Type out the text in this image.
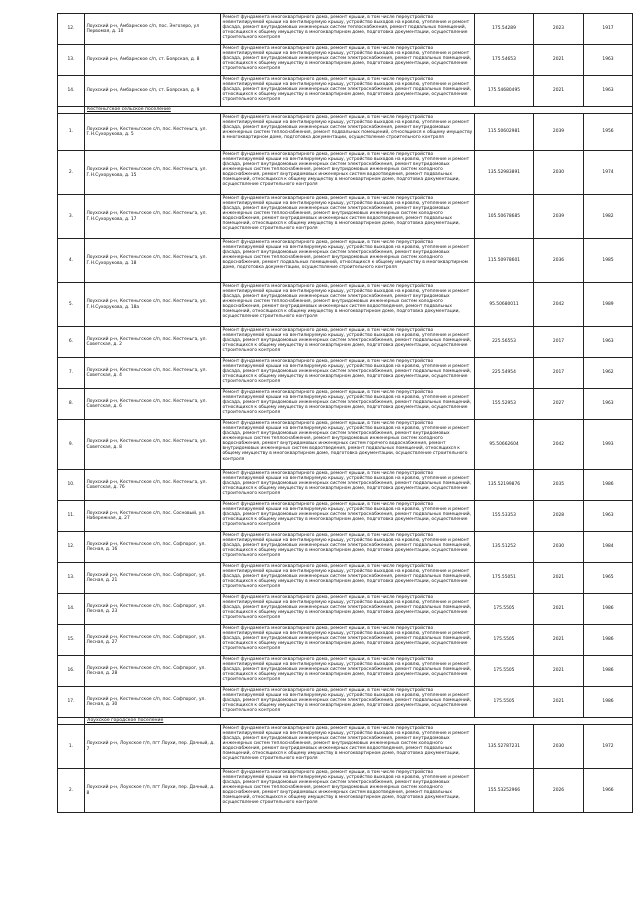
12.	Лоухский р-н, Амбарнское с/п, пос. Энгозеро, ул Первомая, д. 10	Ремонт фундамента многоквартирного дома, ремонт крыши, в том числе переустройство невентилируемой крыши на вентилируемую крышу, устройство выходов на кровлю, утепление и ремонт фасада, ремонт внутридомовых инженерных систем теплоснабжения, ремонт подвальных помещений, относящихся к общему имуществу в многоквартирном доме, подготовка документации, осуществление строительного контроля	175.54289	2023	1917
13.	Лоухский р-н, Амбарнское с/п, ст. Боярская, д. 8	Ремонт фундамента многоквартирного дома, ремонт крыши, в том числе переустройство невентилируемой крыши на вентилируемую крышу, устройство выходов на кровлю, утепление и ремонт фасада, ремонт внутридомовых инженерных систем электроснабжения, ремонт подвальных помещений, относящихся к общему имуществу в многоквартирном доме, подготовка документации, осуществление строительного контроля	175.54653	2021	1963
14.	Лоухский р-н, Амбарнское с/п, ст. Боярская, д. 9	Ремонт фундамента многоквартирного дома, ремонт крыши, в том числе переустройство невентилируемой крыши на вентилируемую крышу, устройство выходов на кровлю, утепление и ремонт фасада, ремонт внутридомовых инженерных систем электроснабжения, ремонт подвальных помещений, относящихся к общему имуществу в многоквартирном доме, подготовка документации, осуществление строительного контроля	175.54680495	2021	1963
	Кестеньгское сельское поселение				
1.	Лоухский р-н, Кестеньгское с/п, пос. Кестеньга, ул. Г.Н.Сухоруковa, д. 5	Ремонт фундамента многоквартирного дома, ремонт крыши, в том числе переустройство невентилируемой крыши на вентилируемую крышу, устройство выходов на кровлю, утепление и ремонт фасада, ремонт внутридомовых инженерных систем электроснабжения, ремонт внутридомовых инженерных систем теплоснабжения, ремонт подвальных помещений, относящихся к общему имуществу в многоквартирном доме, подготовка документации, осуществление строительного контроля	115.50602981	2039	1956
2.	Лоухский р-н, Кестеньгское с/п, пос. Кестеньга, ул. Г.Н.Сухоруковa, д. 15	Ремонт фундамента многоквартирного дома, ремонт крыши, в том числе переустройство невентилируемой крыши на вентилируемую крышу, устройство выходов на кровлю, утепление и ремонт фасада, ремонт внутридомовых инженерных систем электроснабжения, ремонт внутридомовых инженерных систем теплоснабжения, ремонт внутридомовых инженерных систем холодного водоснабжения, ремонт внутридомовых инженерных систем водоотведения, ремонт подвальных помещений, относящихся к общему имуществу в многоквартирном доме, подготовка документации, осуществление строительного контроля	135.52983891	2030	1974
3.	Лоухский р-н, Кестеньгское с/п, пос. Кестеньга, ул. Г.Н.Сухоруковa, д. 17	Ремонт фундамента многоквартирного дома, ремонт крыши, в том числе переустройство невентилируемой крыши на вентилируемую крышу, устройство выходов на кровлю, утепление и ремонт фасада, ремонт внутридомовых инженерных систем электроснабжения, ремонт внутридомовых инженерных систем теплоснабжения, ремонт внутридомовых инженерных систем холодного водоснабжения, ремонт внутридомовых инженерных систем водоотведения, ремонт подвальных помещений, относящихся к общему имуществу в многоквартирном доме, подготовка документации, осуществление строительного контроля	105.50678685	2039	1982
4.	Лоухский р-н, Кестеньгское с/п, пос. Кестеньга, ул. Г.Н.Сухоруковa, д. 18	Ремонт фундамента многоквартирного дома, ремонт крыши, в том числе переустройство невентилируемой крыши на вентилируемую крышу, устройство выходов на кровлю, утепление и ремонт фасада, ремонт внутридомовых инженерных систем электроснабжения, ремонт внутридомовых инженерных систем теплоснабжения, ремонт внутридомовых инженерных систем холодного водоснабжения, ремонт подвальных помещений, относящихся к общему имуществу в многоквартирном доме, подготовка документации, осуществление строительного контроля	115.50978601	2036	1985
5.	Лоухский р-н, Кестеньгское с/п, пос. Кестеньга, ул. Г.Н.Сухоруковa, д. 18а	Ремонт фундамента многоквартирного дома, ремонт крыши, в том числе переустройство невентилируемой крыши на вентилируемую крышу, устройство выходов на кровлю, утепление и ремонт фасада, ремонт внутридомовых инженерных систем электроснабжения, ремонт внутридомовых инженерных систем теплоснабжения, ремонт внутридомовых инженерных систем холодного водоснабжения, ремонт внутридомовых инженерных систем водоотведения, ремонт подвальных помещений, относящихся к общему имуществу в многоквартирном доме, подготовка документации, осуществление строительного контроля	95.50680011	2042	1989
6.	Лоухский р-н, Кестеньгское с/п, пос. Кестеньга, ул. Советская, д. 2	Ремонт фундамента многоквартирного дома, ремонт крыши, в том числе переустройство невентилируемой крыши на вентилируемую крышу, устройство выходов на кровлю, утепление и ремонт фасада, ремонт внутридомовых инженерных систем электроснабжения, ремонт подвальных помещений, относящихся к общему имуществу в многоквартирном доме, подготовка документации, осуществление строительного контроля	225.56553	2017	1963
7.	Лоухский р-н, Кестеньгское с/п, пос. Кестеньга, ул. Советская, д. 4	Ремонт фундамента многоквартирного дома, ремонт крыши, в том числе переустройство невентилируемой крыши на вентилируемую крышу, устройство выходов на кровлю, утепление и ремонт фасада, ремонт внутридомовых инженерных систем электроснабжения, ремонт подвальных помещений, относящихся к общему имуществу в многоквартирном доме, подготовка документации, осуществление строительного контроля	225.54954	2017	1962
8.	Лоухский р-н, Кестеньгское с/п, пос. Кестеньга, ул. Советская, д. 6	Ремонт фундамента многоквартирного дома, ремонт крыши, в том числе переустройство невентилируемой крыши на вентилируемую крышу, устройство выходов на кровлю, утепление и ремонт фасада, ремонт внутридомовых инженерных систем электроснабжения, ремонт подвальных помещений, относящихся к общему имуществу в многоквартирном доме, подготовка документации, осуществление строительного контроля	155.52953	2027	1963
9.	Лоухский р-н, Кестеньгское с/п, пос. Кестеньга, ул. Советская, д. 8	Ремонт фундамента многоквартирного дома, ремонт крыши, в том числе переустройство невентилируемой крыши на вентилируемую крышу, устройство выходов на кровлю, утепление и ремонт фасада, ремонт внутридомовых инженерных систем электроснабжения, ремонт внутридомовых инженерных систем теплоснабжения, ремонт внутридомовых инженерных систем холодного водоснабжения, ремонт внутридомовых инженерных систем горячего водоснабжения, ремонт внутридомовых инженерных систем водоотведения, ремонт подвальных помещений, относящихся к общему имуществу в многоквартирном доме, подготовка документации, осуществление строительного контроля	95.50662604	2042	1993
10.	Лоухский р-н, Кестеньгское с/п, пос. Кестеньга, ул. Советская, д. 76	Ремонт фундамента многоквартирного дома, ремонт крыши, в том числе переустройство невентилируемой крыши на вентилируемую крышу, устройство выходов на кровлю, утепление и ремонт фасада, ремонт внутридомовых инженерных систем электроснабжения, ремонт подвальных помещений, относящихся к общему имуществу в многоквартирном доме, подготовка документации, осуществление строительного контроля	135.52199876	2035	1986
11.	Лоухский р-н, Кестеньгское с/п, пос. Сосновый, ул. Набережная, д. 27	Ремонт фундамента многоквартирного дома, ремонт крыши, в том числе переустройство невентилируемой крыши на вентилируемую крышу, устройство выходов на кровлю, утепление и ремонт фасада, ремонт внутридомовых инженерных систем электроснабжения, ремонт подвальных помещений, относящихся к общему имуществу в многоквартирном доме, подготовка документации, осуществление строительного контроля	155.53353	2028	1963
12.	Лоухский р-н, Кестеньгское с/п, пос. Софпорог, ул. Лесная, д. 16	Ремонт фундамента многоквартирного дома, ремонт крыши, в том числе переустройство невентилируемой крыши на вентилируемую крышу, устройство выходов на кровлю, утепление и ремонт фасада, ремонт внутридомовых инженерных систем электроснабжения, ремонт подвальных помещений, относящихся к общему имуществу в многоквартирном доме, подготовка документации, осуществление строительного контроля	135.51252	2030	1984
13.	Лоухский р-н, Кестеньгское с/п, пос. Софпорог, ул. Лесная, д. 21	Ремонт фундамента многоквартирного дома, ремонт крыши, в том числе переустройство невентилируемой крыши на вентилируемую крышу, устройство выходов на кровлю, утепление и ремонт фасада, ремонт внутридомовых инженерных систем электроснабжения, ремонт подвальных помещений, относящихся к общему имуществу в многоквартирном доме, подготовка документации, осуществление строительного контроля	175.55051	2021	1965
14.	Лоухский р-н, Кестеньгское с/п, пос. Софпорог, ул. Лесная, д. 23	Ремонт фундамента многоквартирного дома, ремонт крыши, в том числе переустройство невентилируемой крыши на вентилируемую крышу, устройство выходов на кровлю, утепление и ремонт фасада, ремонт внутридомовых инженерных систем электроснабжения, ремонт подвальных помещений, относящихся к общему имуществу в многоквартирном доме, подготовка документации, осуществление строительного контроля	175.5505	2021	1986
15.	Лоухский р-н, Кестеньгское с/п, пос. Софпорог, ул. Лесная, д. 27	Ремонт фундамента многоквартирного дома, ремонт крыши, в том числе переустройство невентилируемой крыши на вентилируемую крышу, устройство выходов на кровлю, утепление и ремонт фасада, ремонт внутридомовых инженерных систем электроснабжения, ремонт подвальных помещений, относящихся к общему имуществу в многоквартирном доме, подготовка документации, осуществление строительного контроля	175.5505	2021	1986
16.	Лоухский р-н, Кестеньгское с/п, пос. Софпорог, ул. Лесная, д. 28	Ремонт фундамента многоквартирного дома, ремонт крыши, в том числе переустройство невентилируемой крыши на вентилируемую крышу, устройство выходов на кровлю, утепление и ремонт фасада, ремонт внутридомовых инженерных систем электроснабжения, ремонт подвальных помещений, относящихся к общему имуществу в многоквартирном доме, подготовка документации, осуществление строительного контроля	175.5505	2021	1986
17.	Лоухский р-н, Кестеньгское с/п, пос. Софпорог, ул. Лесная, д. 30	Ремонт фундамента многоквартирного дома, ремонт крыши, в том числе переустройство невентилируемой крыши на вентилируемую крышу, устройство выходов на кровлю, утепление и ремонт фасада, ремонт внутридомовых инженерных систем электроснабжения, ремонт подвальных помещений, относящихся к общему имуществу в многоквартирном доме, подготовка документации, осуществление строительного контроля	175.5505	2021	1986
	Лоухское городское поселение				
1.	Лоухский р-н, Лоухское г/п, пгт Лоухи, пер. Дачный, д. 7	Ремонт фундамента многоквартирного дома, ремонт крыши, в том числе переустройство невентилируемой крыши на вентилируемую крышу, устройство выходов на кровлю, утепление и ремонт фасада, ремонт внутридомовых инженерных систем электроснабжения, ремонт внутридомовых инженерных систем теплоснабжения, ремонт внутридомовых инженерных систем холодного водоснабжения, ремонт внутридомовых инженерных систем водоотведения, ремонт подвальных помещений, относящихся к общему имуществу в многоквартирном доме, подготовка документации, осуществление строительного контроля	135.52787231	2030	1972
2.	Лоухский р-н, Лоухское г/п, пгт Лоухи, пер. Дачный, д. 8	Ремонт фундамента многоквартирного дома, ремонт крыши, в том числе переустройство невентилируемой крыши на вентилируемую крышу, устройство выходов на кровлю, утепление и ремонт фасада, ремонт внутридомовых инженерных систем электроснабжения, ремонт внутридомовых инженерных систем теплоснабжения, ремонт внутридомовых инженерных систем холодного водоснабжения, ремонт внутридомовых инженерных систем водоотведения, ремонт подвальных помещений, относящихся к общему имуществу в многоквартирном доме, подготовка документации, осуществление строительного контроля	155.53252966	2026	1966
